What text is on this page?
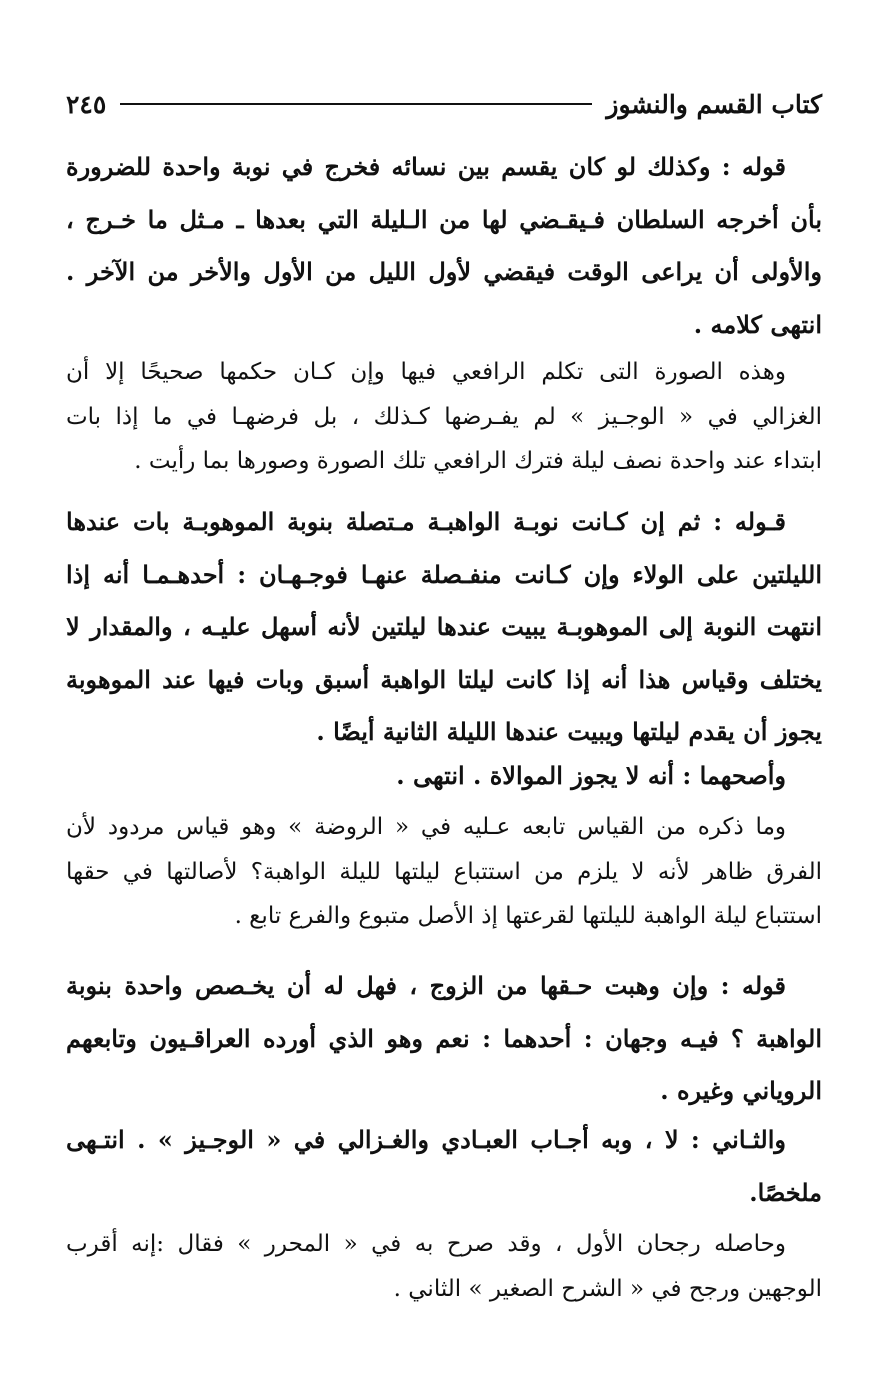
كتاب القسم والنشوز
٢٤٥
قوله : وكذلك لو كان يقسم بين نسائه فخرج في نوبة واحدة للضرورة
بأن أخرجه السلطان فـيقـضي لها من الـليلة التي بعدها ـ مـثل ما خـرج ،
والأولى أن يراعى الوقت فيقضي لأول الليل من الأول والأخر من الآخر .
انتهى كلامه .
وهذه الصورة التى تكلم الرافعي فيها وإن كـان حكمها صحيحًا إلا أن
الغزالي في « الوجـيز » لم يفـرضها كـذلك ، بل فرضهـا في ما إذا بات
ابتداء عند واحدة نصف ليلة فترك الرافعي تلك الصورة وصورها بما رأيت .
قـوله : ثم إن كـانت نوبـة الواهبـة مـتصلة بنوبة الموهوبـة بات عندها
الليلتين على الولاء وإن كـانت منفـصلة عنهـا فوجـهـان : أحدهـمـا أنه إذا
انتهت النوبة إلى الموهوبـة يبيت عندها ليلتين لأنه أسهل عليـه ، والمقدار لا
يختلف وقياس هذا أنه إذا كانت ليلتا الواهبة أسبق وبات فيها عند الموهوبة
يجوز أن يقدم ليلتها ويبيت عندها الليلة الثانية أيضًا .
وأصحهما : أنه لا يجوز الموالاة . انتهى .
وما ذكره من القياس تابعه عـليه في « الروضة » وهو قياس مردود لأن
الفرق ظاهر لأنه لا يلزم من استتباع ليلتها لليلة الواهبة؟ لأصالتها في حقها
استتباع ليلة الواهبة لليلتها لقرعتها إذ الأصل متبوع والفرع تابع .
قوله : وإن وهبت حـقها من الزوج ، فهل له أن يخـصص واحدة بنوبة
الواهبة ؟ فيـه وجهان : أحدهما : نعم وهو الذي أورده العراقـيون وتابعهم
الروياني وغيره .
والثـاني : لا ، وبه أجـاب العبـادي والغـزالي في « الوجـيز » . انتـهى
ملخصًا.
وحاصله رجحان الأول ، وقد صرح به في « المحرر » فقال :إنه أقرب
الوجهين ورجح في « الشرح الصغير » الثاني .
